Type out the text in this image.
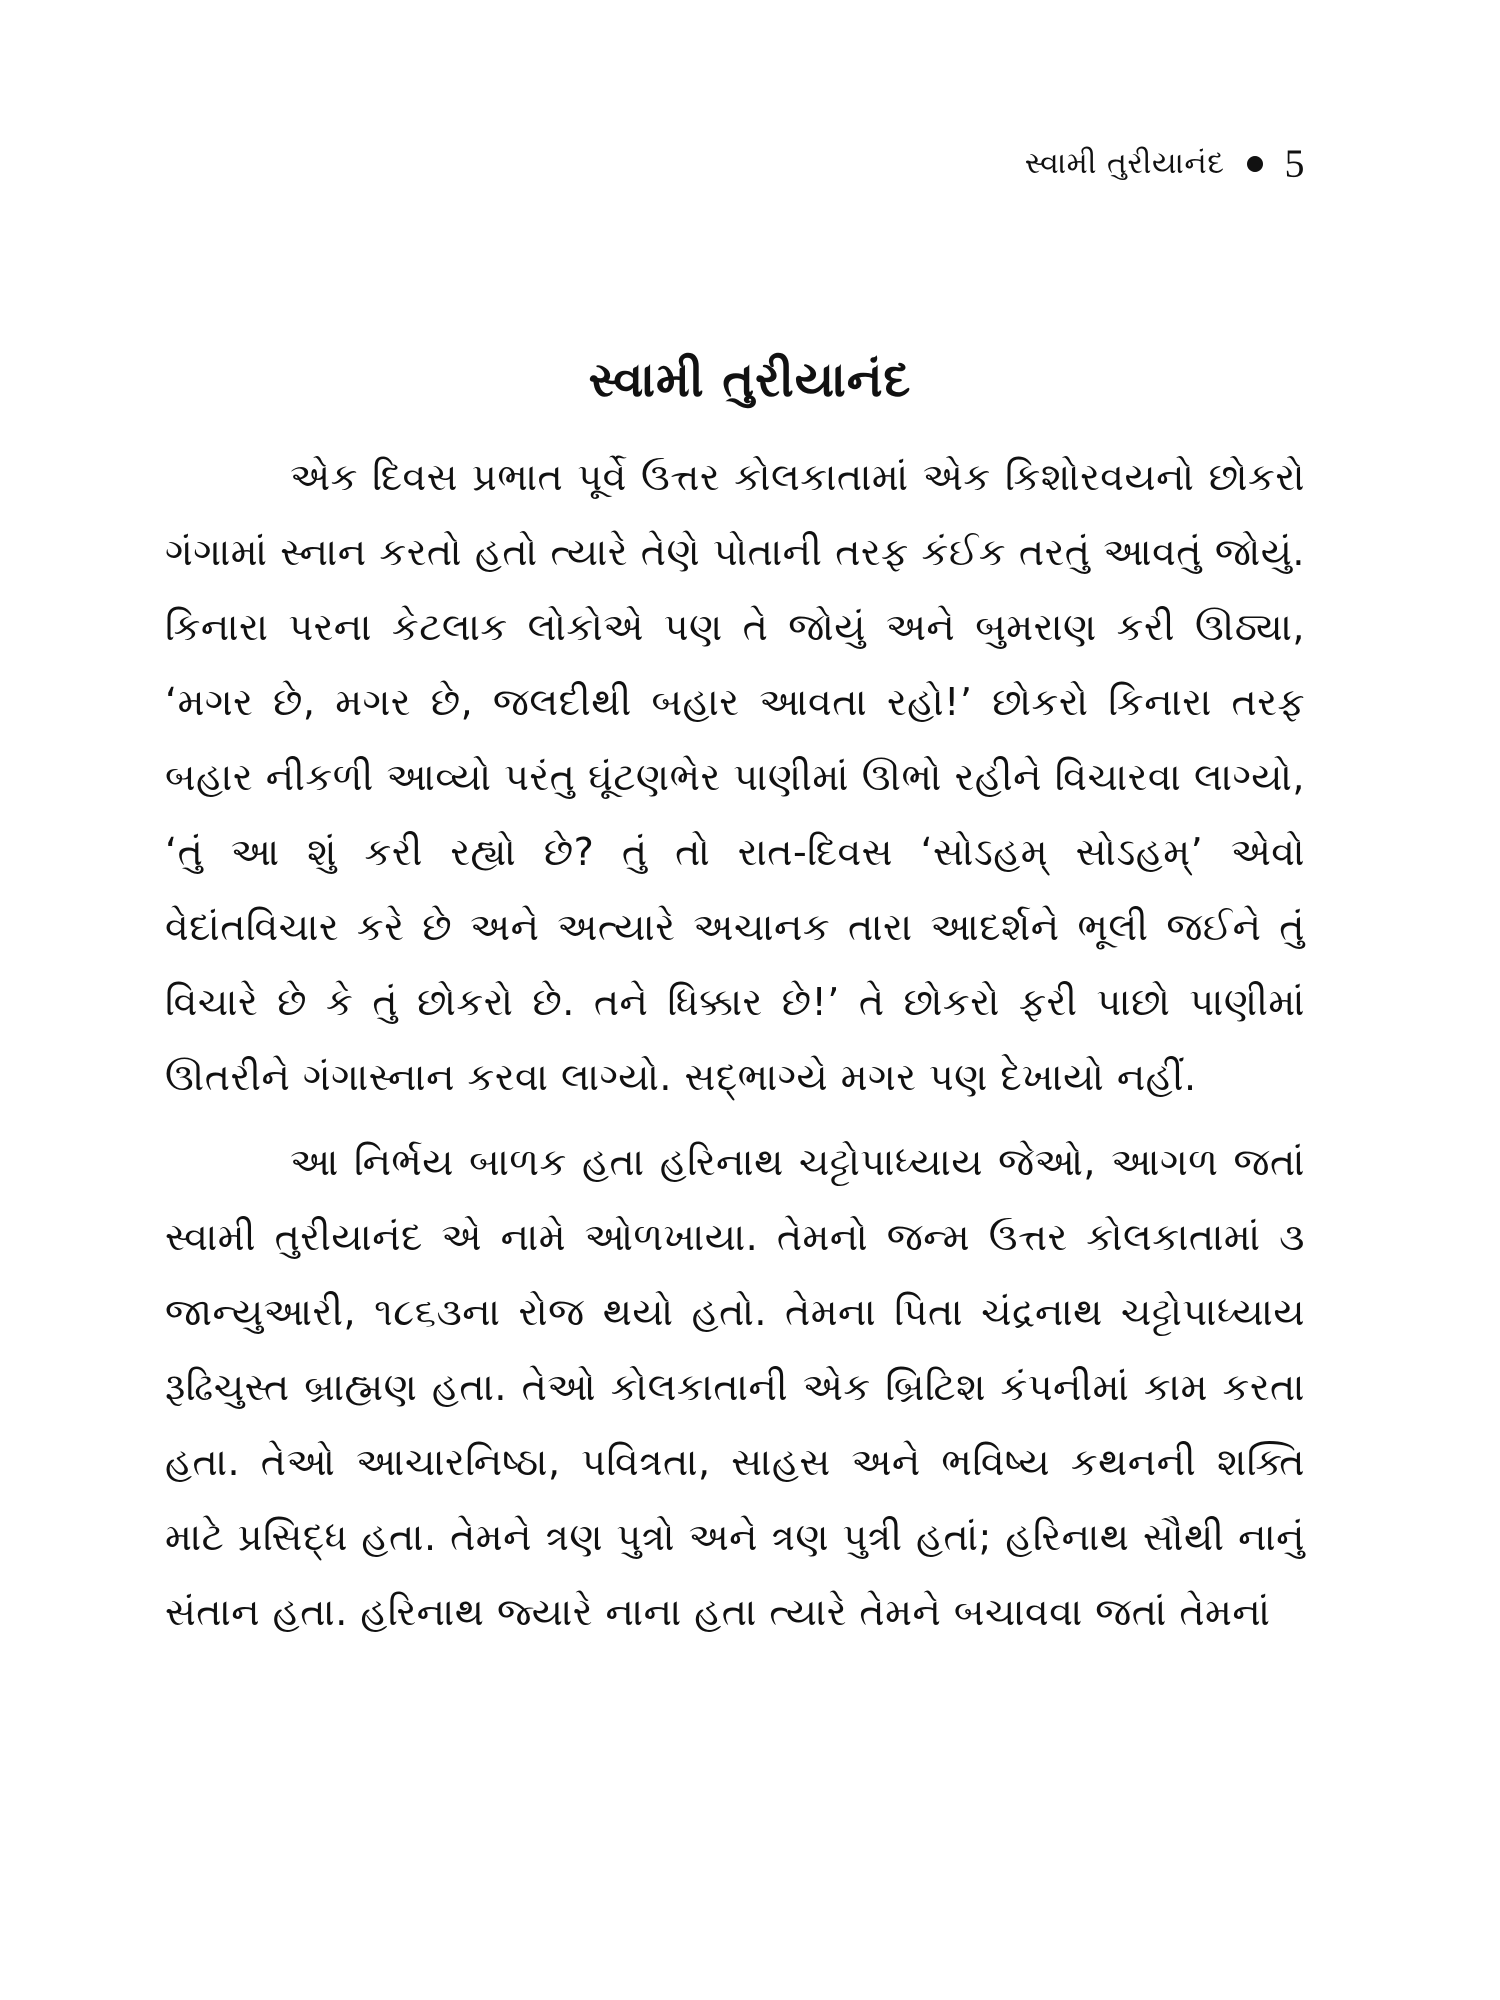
સ્વામી તુરીયાનંદ 5
સ્વામી તુરીયાનંદ

એક દિવસ પ્રભાત પૂર્વે ઉત્તર કોલકાતામાં એક કિશોરવયનો છોકરો ગંગામાં સ્નાન કરતો હતો ત્યારે તેણે પોતાની તરફ કંઈક તરતું આવતું જોયું. કિનારા પરના કેટલાક લોકોએ પણ તે જોયું અને બુમરાણ કરી ઊઠ્યા, ‘મગર છે, મગર છે, જલદીથી બહાર આવતા રહો!’ છોકરો કિનારા તરફ બહાર નીકળી આવ્યો પરંતુ ઘૂંટણભેર પાણીમાં ઊભો રહીને વિચારવા લાગ્યો, ‘તું આ શું કરી રહ્યો છે? તું તો રાત-દિવસ ‘સોઽહમ્ સોઽહમ્’ એવો વેદાંતવિચાર કરે છે અને અત્યારે અચાનક તારા આદર્શને ભૂલી જઈને તું વિચારે છે કે તું છોકરો છે. તને ધિક્કાર છે!’ તે છોકરો ફરી પાછો પાણીમાં ઊતરીને ગંગાસ્નાન કરવા લાગ્યો. સદ્‌ભાગ્યે મગર પણ દેખાયો નહીં.

આ નિર્ભય બાળક હતા હરિનાથ ચટ્ટોપાધ્યાય જેઓ, આગળ જતાં સ્વામી તુરીયાનંદ એ નામે ઓળખાયા. તેમનો જન્મ ઉત્તર કોલકાતામાં ૩ જાન્યુઆરી, ૧૮૬૩ના રોજ થયો હતો. તેમના પિતા ચંદ્રનાથ ચટ્ટોપાધ્યાય રૂઢિચુસ્ત બ્રાહ્મણ હતા. તેઓ કોલકાતાની એક બ્રિટિશ કંપનીમાં કામ કરતા હતા. તેઓ આચારનિષ્ઠા, પવિત્રતા, સાહસ અને ભવિષ્ય કથનની શક્તિ માટે પ્રસિદ્ધ હતા. તેમને ત્રણ પુત્રો અને ત્રણ પુત્રી હતાં; હરિનાથ સૌથી નાનું સંતાન હતા. હરિનાથ જ્યારે નાના હતા ત્યારે તેમને બચાવવા જતાં તેમનાં
